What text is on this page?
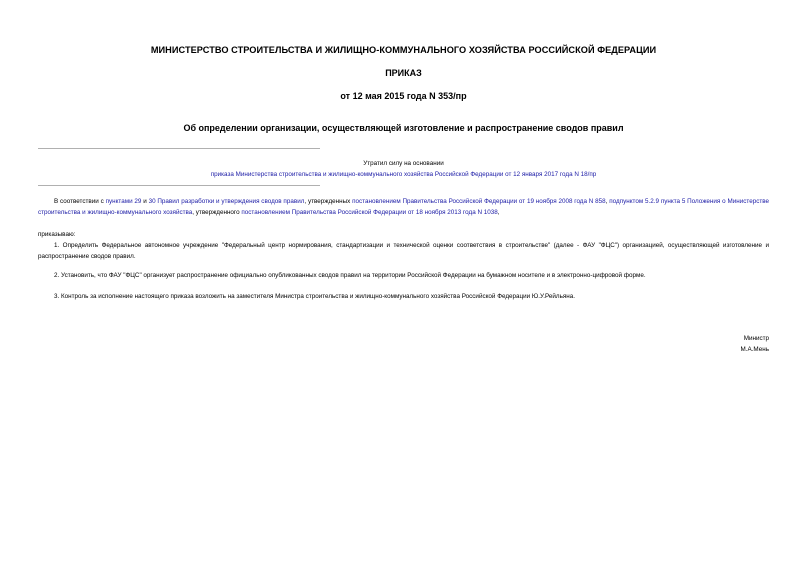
МИНИСТЕРСТВО СТРОИТЕЛЬСТВА И ЖИЛИЩНО-КОММУНАЛЬНОГО ХОЗЯЙСТВА РОССИЙСКОЙ ФЕДЕРАЦИИ
ПРИКАЗ
от 12 мая 2015 года N 353/пр
Об определении организации, осуществляющей изготовление и распространение сводов правил
Утратил силу на основании
приказа Министерства строительства и жилищно-коммунального хозяйства Российской Федерации от 12 января 2017 года N 18/пр
В соответствии с пунктами 29 и 30 Правил разработки и утверждения сводов правил, утвержденных постановлением Правительства Российской Федерации от 19 ноября 2008 года N 858, подпунктом 5.2.9 пункта 5 Положения о Министерстве строительства и жилищно-коммунального хозяйства, утвержденного постановлением Правительства Российской Федерации от 18 ноября 2013 года N 1038,
приказываю:
1. Определить Федеральное автономное учреждение "Федеральный центр нормирования, стандартизации и технической оценки соответствия в строительстве" (далее - ФАУ "ФЦС") организацией, осуществляющей изготовление и распространение сводов правил.
2. Установить, что ФАУ "ФЦС" организует распространение официально опубликованных сводов правил на территории Российской Федерации на бумажном носителе и в электронно-цифровой форме.
3. Контроль за исполнение настоящего приказа возложить на заместителя Министра строительства и жилищно-коммунального хозяйства Российской Федерации Ю.У.Рейльяна.
Министр
М.А.Мень
